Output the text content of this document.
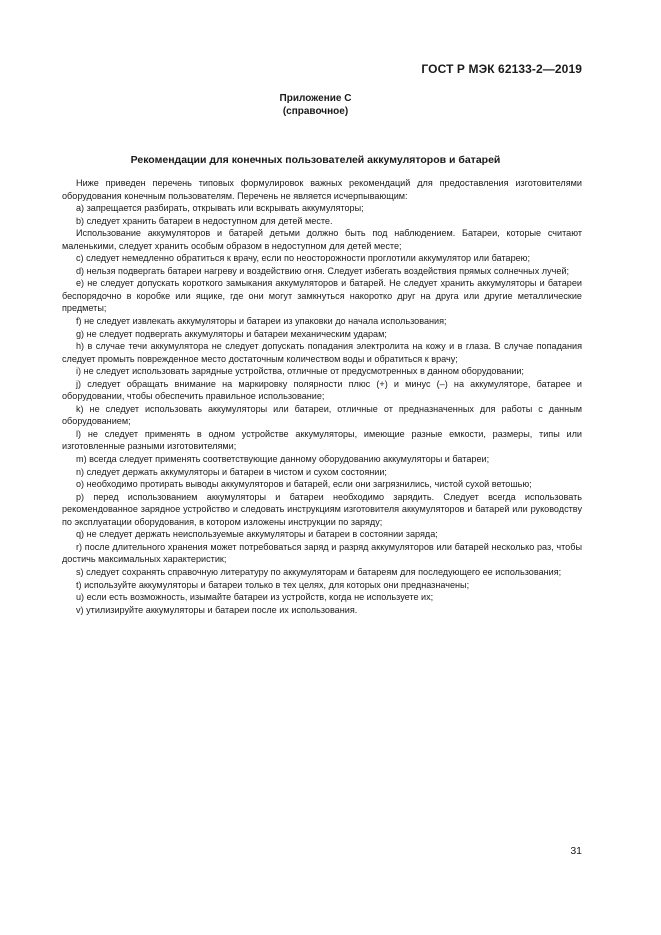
ГОСТ Р МЭК 62133-2—2019
Приложение С
(справочное)
Рекомендации для конечных пользователей аккумуляторов и батарей

Ниже приведен перечень типовых формулировок важных рекомендаций для предоставления изготовителями оборудования конечным пользователям. Перечень не является исчерпывающим:

a) запрещается разбирать, открывать или вскрывать аккумуляторы;

b) следует хранить батареи в недоступном для детей месте.

Использование аккумуляторов и батарей детьми должно быть под наблюдением. Батареи, которые считают маленькими, следует хранить особым образом в недоступном для детей месте;

c) следует немедленно обратиться к врачу, если по неосторожности проглотили аккумулятор или батарею;

d) нельзя подвергать батареи нагреву и воздействию огня. Следует избегать воздействия прямых солнечных лучей;

e) не следует допускать короткого замыкания аккумуляторов и батарей. Не следует хранить аккумуляторы и батареи беспорядочно в коробке или ящике, где они могут замкнуться накоротко друг на друга или другие металлические предметы;

f) не следует извлекать аккумуляторы и батареи из упаковки до начала использования;

g) не следует подвергать аккумуляторы и батареи механическим ударам;

h) в случае течи аккумулятора не следует допускать попадания электролита на кожу и в глаза. В случае попадания следует промыть поврежденное место достаточным количеством воды и обратиться к врачу;

i) не следует использовать зарядные устройства, отличные от предусмотренных в данном оборудовании;

j) следует обращать внимание на маркировку полярности плюс (+) и минус (–) на аккумуляторе, батарее и оборудовании, чтобы обеспечить правильное использование;

k) не следует использовать аккумуляторы или батареи, отличные от предназначенных для работы с данным оборудованием;

l) не следует применять в одном устройстве аккумуляторы, имеющие разные емкости, размеры, типы или изготовленные разными изготовителями;

m) всегда следует применять соответствующие данному оборудованию аккумуляторы и батареи;

n) следует держать аккумуляторы и батареи в чистом и сухом состоянии;

o) необходимо протирать выводы аккумуляторов и батарей, если они загрязнились, чистой сухой ветошью;

p) перед использованием аккумуляторы и батареи необходимо зарядить. Следует всегда использовать рекомендованное зарядное устройство и следовать инструкциям изготовителя аккумуляторов и батарей или руководству по эксплуатации оборудования, в котором изложены инструкции по заряду;

q) не следует держать неиспользуемые аккумуляторы и батареи в состоянии заряда;

r) после длительного хранения может потребоваться заряд и разряд аккумуляторов или батарей несколько раз, чтобы достичь максимальных характеристик;

s) следует сохранять справочную литературу по аккумуляторам и батареям для последующего ее использования;

t) используйте аккумуляторы и батареи только в тех целях, для которых они предназначены;

u) если есть возможность, изымайте батареи из устройств, когда не используете их;

v) утилизируйте аккумуляторы и батареи после их использования.

31
